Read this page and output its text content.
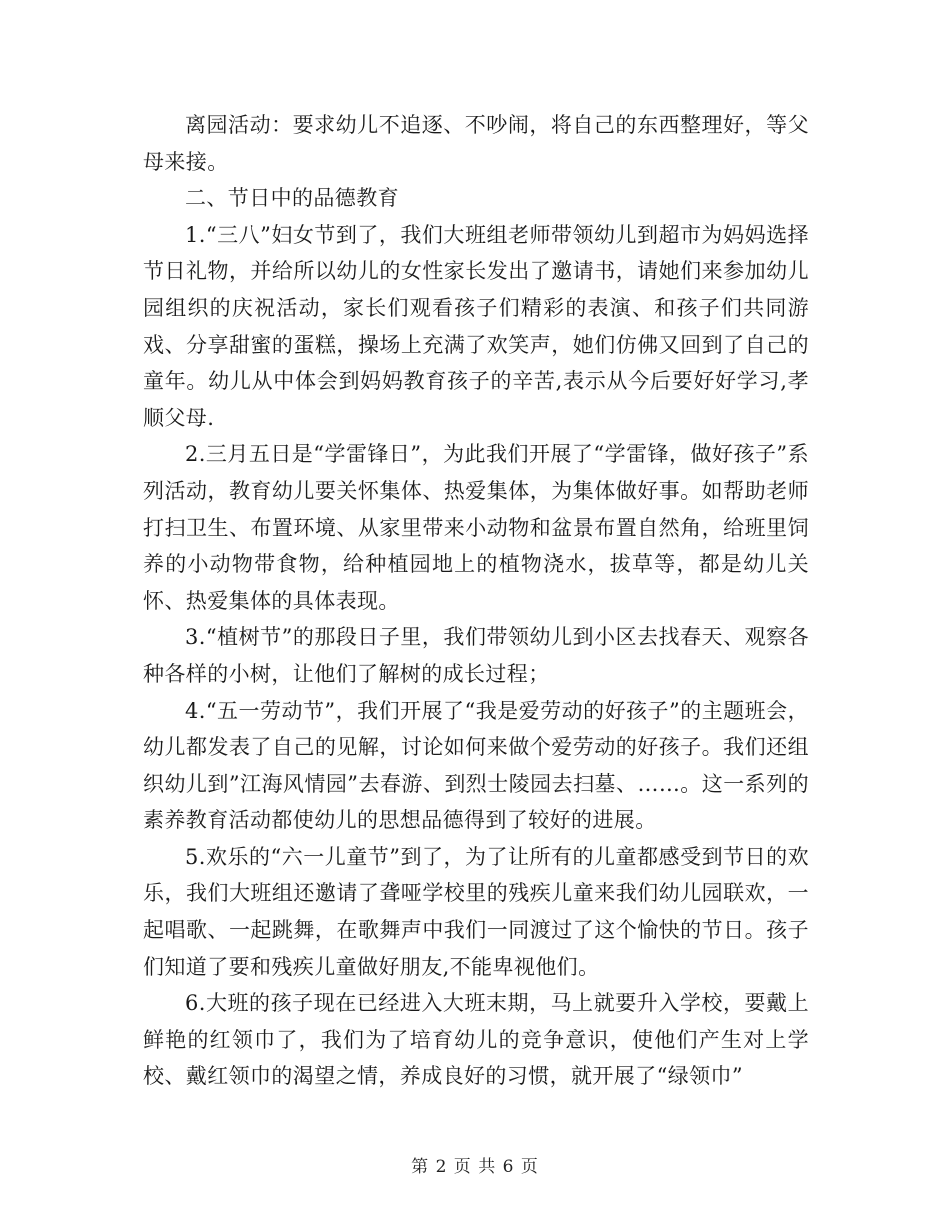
离园活动：要求幼儿不追逐、不吵闹，将自己的东西整理好，等父母来接。

二、节日中的品德教育

1.“三八”妇女节到了，我们大班组老师带领幼儿到超市为妈妈选择节日礼物，并给所以幼儿的女性家长发出了邀请书，请她们来参加幼儿园组织的庆祝活动，家长们观看孩子们精彩的表演、和孩子们共同游戏、分享甜蜜的蛋糕，操场上充满了欢笑声，她们仿佛又回到了自己的童年。幼儿从中体会到妈妈教育孩子的辛苦,表示从今后要好好学习,孝顺父母.

2.三月五日是“学雷锋日”，为此我们开展了“学雷锋，做好孩子”系列活动，教育幼儿要关怀集体、热爱集体，为集体做好事。如帮助老师打扫卫生、布置环境、从家里带来小动物和盆景布置自然角，给班里饲养的小动物带食物，给种植园地上的植物浇水，拔草等，都是幼儿关怀、热爱集体的具体表现。

3.“植树节”的那段日子里，我们带领幼儿到小区去找春天、观察各种各样的小树，让他们了解树的成长过程；

4.“五一劳动节”，我们开展了“我是爱劳动的好孩子”的主题班会，幼儿都发表了自己的见解，讨论如何来做个爱劳动的好孩子。我们还组织幼儿到”江海风情园”去春游、到烈士陵园去扫墓、……。这一系列的素养教育活动都使幼儿的思想品德得到了较好的进展。

5.欢乐的“六一儿童节”到了，为了让所有的儿童都感受到节日的欢乐，我们大班组还邀请了聋哑学校里的残疾儿童来我们幼儿园联欢，一起唱歌、一起跳舞，在歌舞声中我们一同渡过了这个愉快的节日。孩子们知道了要和残疾儿童做好朋友,不能卑视他们。

6.大班的孩子现在已经进入大班末期，马上就要升入学校，要戴上鲜艳的红领巾了，我们为了培育幼儿的竞争意识，使他们产生对上学校、戴红领巾的渴望之情，养成良好的习惯，就开展了“绿领巾”

第 2 页 共 6 页
